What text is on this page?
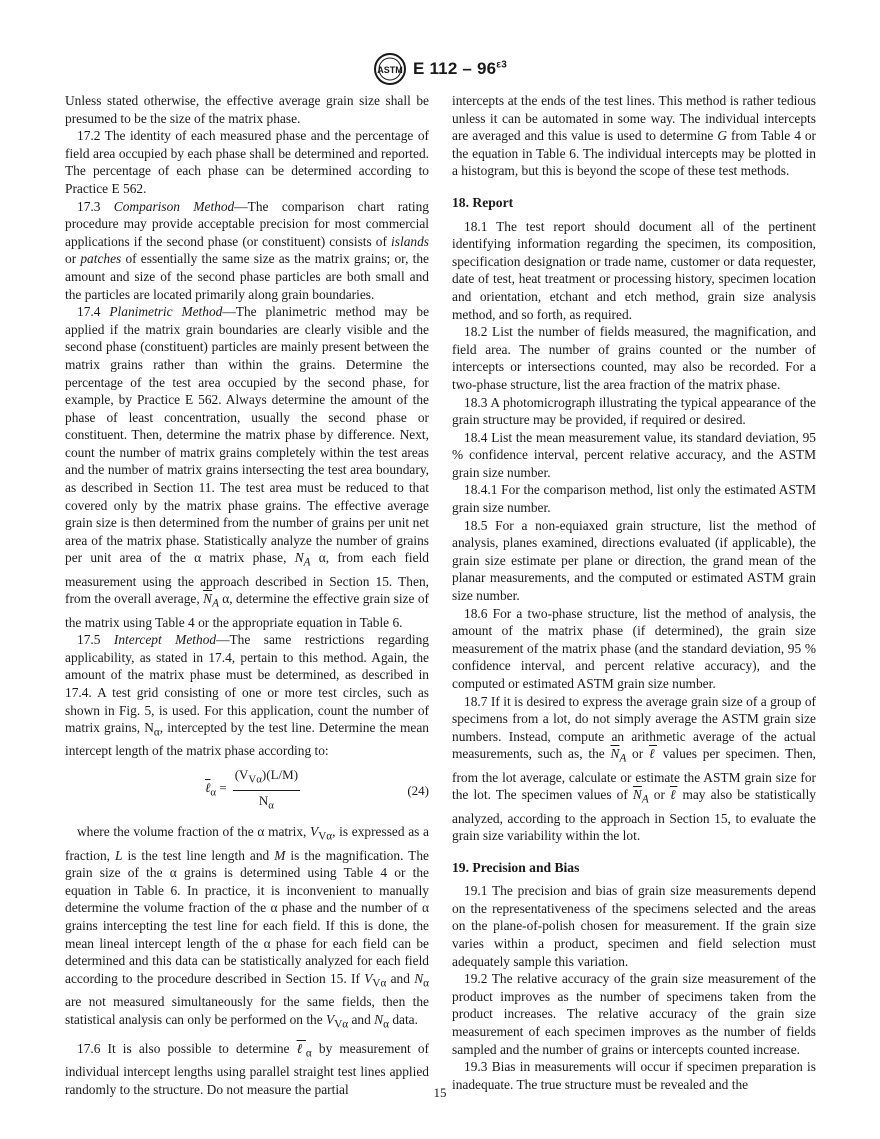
ASTM E $112 - 96^{\varepsilon 3}$

Unless stated otherwise, the effective average grain size shall be presumed to be the size of the matrix phase.

17.2 The identity of each measured phase and the percentage of field area occupied by each phase shall be determined and reported. The percentage of each phase can be determined according to Practice E 562.

17.3 Comparison Method—The comparison chart rating procedure may provide acceptable precision for most commercial applications if the second phase (or constituent) consists of islands or patches of essentially the same size as the matrix grains; or, the amount and size of the second phase particles are both small and the particles are located primarily along grain boundaries.

17.4 Planimetric Method—The planimetric method may be applied if the matrix grain boundaries are clearly visible and the second phase (constituent) particles are mainly present between the matrix grains rather than within the grains. Determine the percentage of the test area occupied by the second phase, for example, by Practice E 562. Always determine the amount of the phase of least concentration, usually the second phase or constituent. Then, determine the matrix phase by difference. Next, count the number of matrix grains completely within the test areas and the number of matrix grains intersecting the test area boundary, as described in Section 11. The test area must be reduced to that covered only by the matrix phase grains. The effective average grain size is then determined from the number of grains per unit net area of the matrix phase. Statistically analyze the number of grains per unit area of the α matrix phase, $N_A$ α, from each field measurement using the approach described in Section 15. Then, from the overall average, $\overline{N}_A$ α, determine the effective grain size of the matrix using Table 4 or the appropriate equation in Table 6.

17.5 Intercept Method—The same restrictions regarding applicability, as stated in 17.4, pertain to this method. Again, the amount of the matrix phase must be determined, as described in 17.4. A test grid consisting of one or more test circles, such as shown in Fig. 5, is used. For this application, count the number of matrix grains, $N_\alpha$, intercepted by the test line. Determine the mean intercept length of the matrix phase according to:

ℓ$_\alpha$ = $\frac{(V_{V\alpha})(L/M)}{N_\alpha}$	(24)

where the volume fraction of the α matrix, $V_{V\alpha}$, is expressed as a fraction, L is the test line length and M is the magnification. The grain size of the α grains is determined using Table 4 or the equation in Table 6. In practice, it is inconvenient to manually determine the volume fraction of the α phase and the number of α grains intercepting the test line for each field. If this is done, the mean lineal intercept length of the α phase for each field can be determined and this data can be statistically analyzed for each field according to the procedure described in Section 15. If $V_{V\alpha}$ and $N_\alpha$ are not measured simultaneously for the same fields, then the statistical analysis can only be performed on the $V_{V\alpha}$ and $N_\alpha$ data.

17.6 It is also possible to determine ℓ$_\alpha$ by measurement of individual intercept lengths using parallel straight test lines applied randomly to the structure. Do not measure the partial

intercepts at the ends of the test lines. This method is rather tedious unless it can be automated in some way. The individual intercepts are averaged and this value is used to determine G from Table 4 or the equation in Table 6. The individual intercepts may be plotted in a histogram, but this is beyond the scope of these test methods.

18. Report

18.1 The test report should document all of the pertinent identifying information regarding the specimen, its composition, specification designation or trade name, customer or data requester, date of test, heat treatment or processing history, specimen location and orientation, etchant and etch method, grain size analysis method, and so forth, as required.

18.2 List the number of fields measured, the magnification, and field area. The number of grains counted or the number of intercepts or intersections counted, may also be recorded. For a two-phase structure, list the area fraction of the matrix phase.

18.3 A photomicrograph illustrating the typical appearance of the grain structure may be provided, if required or desired.

18.4 List the mean measurement value, its standard deviation, 95 % confidence interval, percent relative accuracy, and the ASTM grain size number.

18.4.1 For the comparison method, list only the estimated ASTM grain size number.

18.5 For a non-equiaxed grain structure, list the method of analysis, planes examined, directions evaluated (if applicable), the grain size estimate per plane or direction, the grand mean of the planar measurements, and the computed or estimated ASTM grain size number.

18.6 For a two-phase structure, list the method of analysis, the amount of the matrix phase (if determined), the grain size measurement of the matrix phase (and the standard deviation, 95 % confidence interval, and percent relative accuracy), and the computed or estimated ASTM grain size number.

18.7 If it is desired to express the average grain size of a group of specimens from a lot, do not simply average the ASTM grain size numbers. Instead, compute an arithmetic average of the actual measurements, such as, the $\overline{N}_A$ or ℓ values per specimen. Then, from the lot average, calculate or estimate the ASTM grain size for the lot. The specimen values of $\overline{N}_A$ or ℓ may also be statistically analyzed, according to the approach in Section 15, to evaluate the grain size variability within the lot.

19. Precision and Bias

19.1 The precision and bias of grain size measurements depend on the representativeness of the specimens selected and the areas on the plane-of-polish chosen for measurement. If the grain size varies within a product, specimen and field selection must adequately sample this variation.

19.2 The relative accuracy of the grain size measurement of the product improves as the number of specimens taken from the product increases. The relative accuracy of the grain size measurement of each specimen improves as the number of fields sampled and the number of grains or intercepts counted increase.

19.3 Bias in measurements will occur if specimen preparation is inadequate. The true structure must be revealed and the

15
